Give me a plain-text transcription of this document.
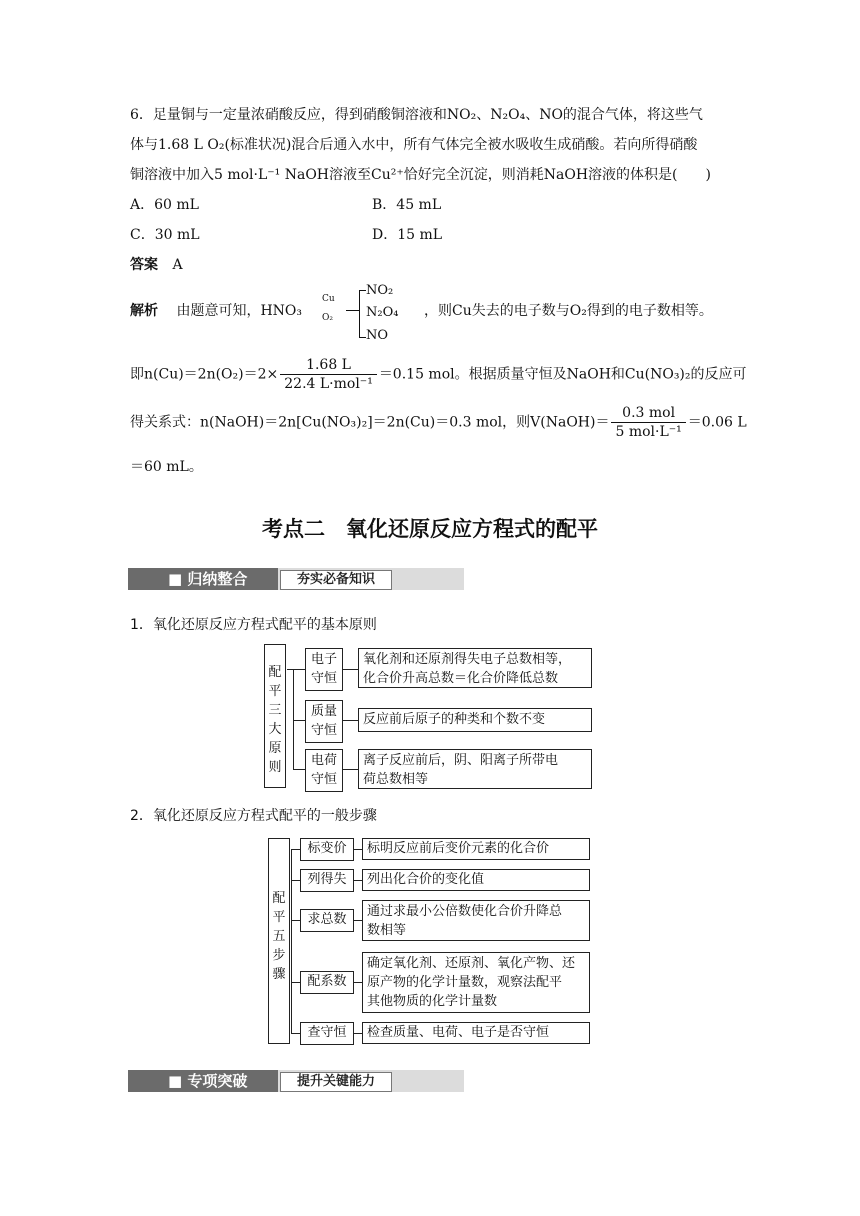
6．足量铜与一定量浓硝酸反应，得到硝酸铜溶液和NO₂、N₂O₄、NO的混合气体，将这些气
体与1.68 L O₂(标准状况)混合后通入水中，所有气体完全被水吸收生成硝酸。若向所得硝酸
铜溶液中加入5 mol·L⁻¹ NaOH溶液至Cu²⁺恰好完全沉淀，则消耗NaOH溶液的体积是(　　)
A．60 mL	B．45 mL
C．30 mL	D．15 mL
答案 A
解析 由题意可知，HNO₃
Cu
O₂
NO₂
N₂O₄
NO
，则Cu失去的电子数与O₂得到的电子数相等。
即$n(Cu)=2n(O_2)=2\times \frac{1.68 L}{\text{22.4 L·mol⁻¹}} =0.15$ mol。根据质量守恒及NaOH和Cu(NO₃)₂的反应可
得关系式：n(NaOH)＝2n[Cu(NO₃)₂]＝2n(Cu)＝0.3 mol，则V(NaOH)＝ $\frac{\text{0.3 mol}}{\text{5 mol·L⁻¹}} =0.06$ L
＝60 mL。
考点二　氧化还原反应方程式的配平
■ 归纳整合	夯实必备知识
1．氧化还原反应方程式配平的基本原则
配
平
三
大
原
则
电子守恒
质量守恒
电荷守恒
氧化剂和还原剂得失电子总数相等，
化合价升高总数＝化合价降低总数
反应前后原子的种类和个数不变
离子反应前后，阴、阳离子所带电
荷总数相等
2．氧化还原反应方程式配平的一般步骤
配
平
五
步
骤
标变价
列得失
求总数
配系数
查守恒
标明反应前后变价元素的化合价
列出化合价的变化值
通过求最小公倍数使化合价升降总
数相等
确定氧化剂、还原剂、氧化产物、还
原产物的化学计量数，观察法配平
其他物质的化学计量数
检查质量、电荷、电子是否守恒
■ 专项突破	提升关键能力
